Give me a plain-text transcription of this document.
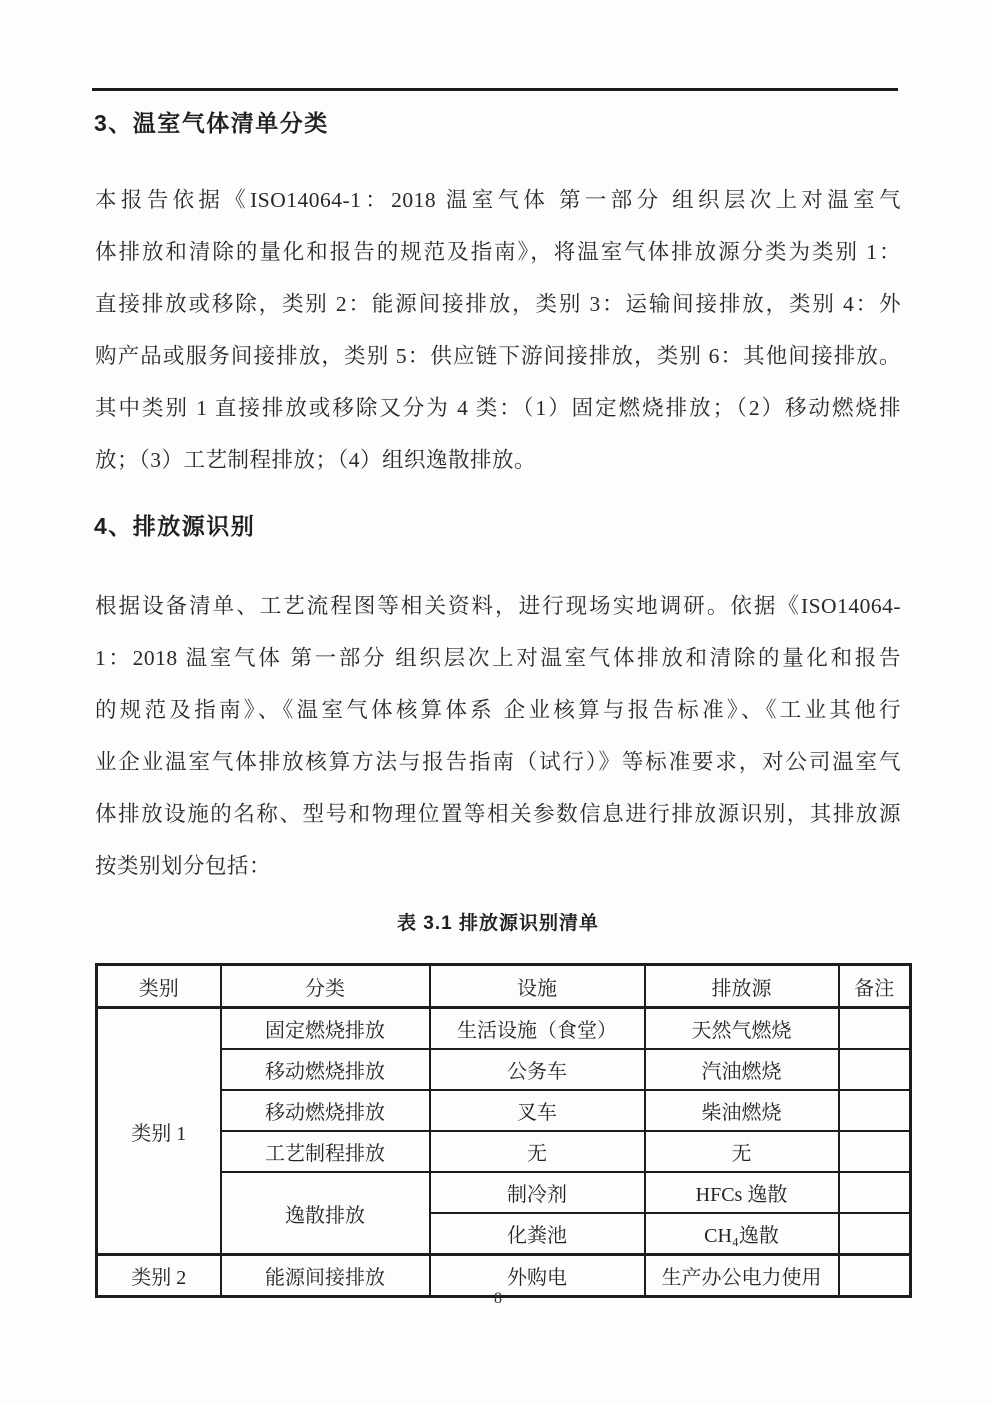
3、温室气体清单分类
本报告依据《ISO14064-1：2018 温室气体 第一部分 组织层次上对温室气
体排放和清除的量化和报告的规范及指南》，将温室气体排放源分类为类别 1：
直接排放或移除，类别 2：能源间接排放，类别 3：运输间接排放，类别 4：外
购产品或服务间接排放，类别 5：供应链下游间接排放，类别 6：其他间接排放。
其中类别 1 直接排放或移除又分为 4 类：（1）固定燃烧排放；（2）移动燃烧排
放；（3）工艺制程排放；（4）组织逸散排放。
4、排放源识别
根据设备清单、工艺流程图等相关资料，进行现场实地调研。依据《ISO14064-
1：2018 温室气体 第一部分 组织层次上对温室气体排放和清除的量化和报告
的规范及指南》、《温室气体核算体系 企业核算与报告标准》、《工业其他行
业企业温室气体排放核算方法与报告指南（试行）》等标准要求，对公司温室气
体排放设施的名称、型号和物理位置等相关参数信息进行排放源识别，其排放源
按类别划分包括：
表 3.1 排放源识别清单
类别	分类	设施	排放源	备注
类别 1	固定燃烧排放	生活设施（食堂）	天然气燃烧	
	移动燃烧排放	公务车	汽油燃烧	
	移动燃烧排放	叉车	柴油燃烧	
	工艺制程排放	无	无	
	逸散排放	制冷剂	HFCs 逸散	
		化粪池	CH₄逸散	
类别 2	能源间接排放	外购电	生产办公电力使用	
8
